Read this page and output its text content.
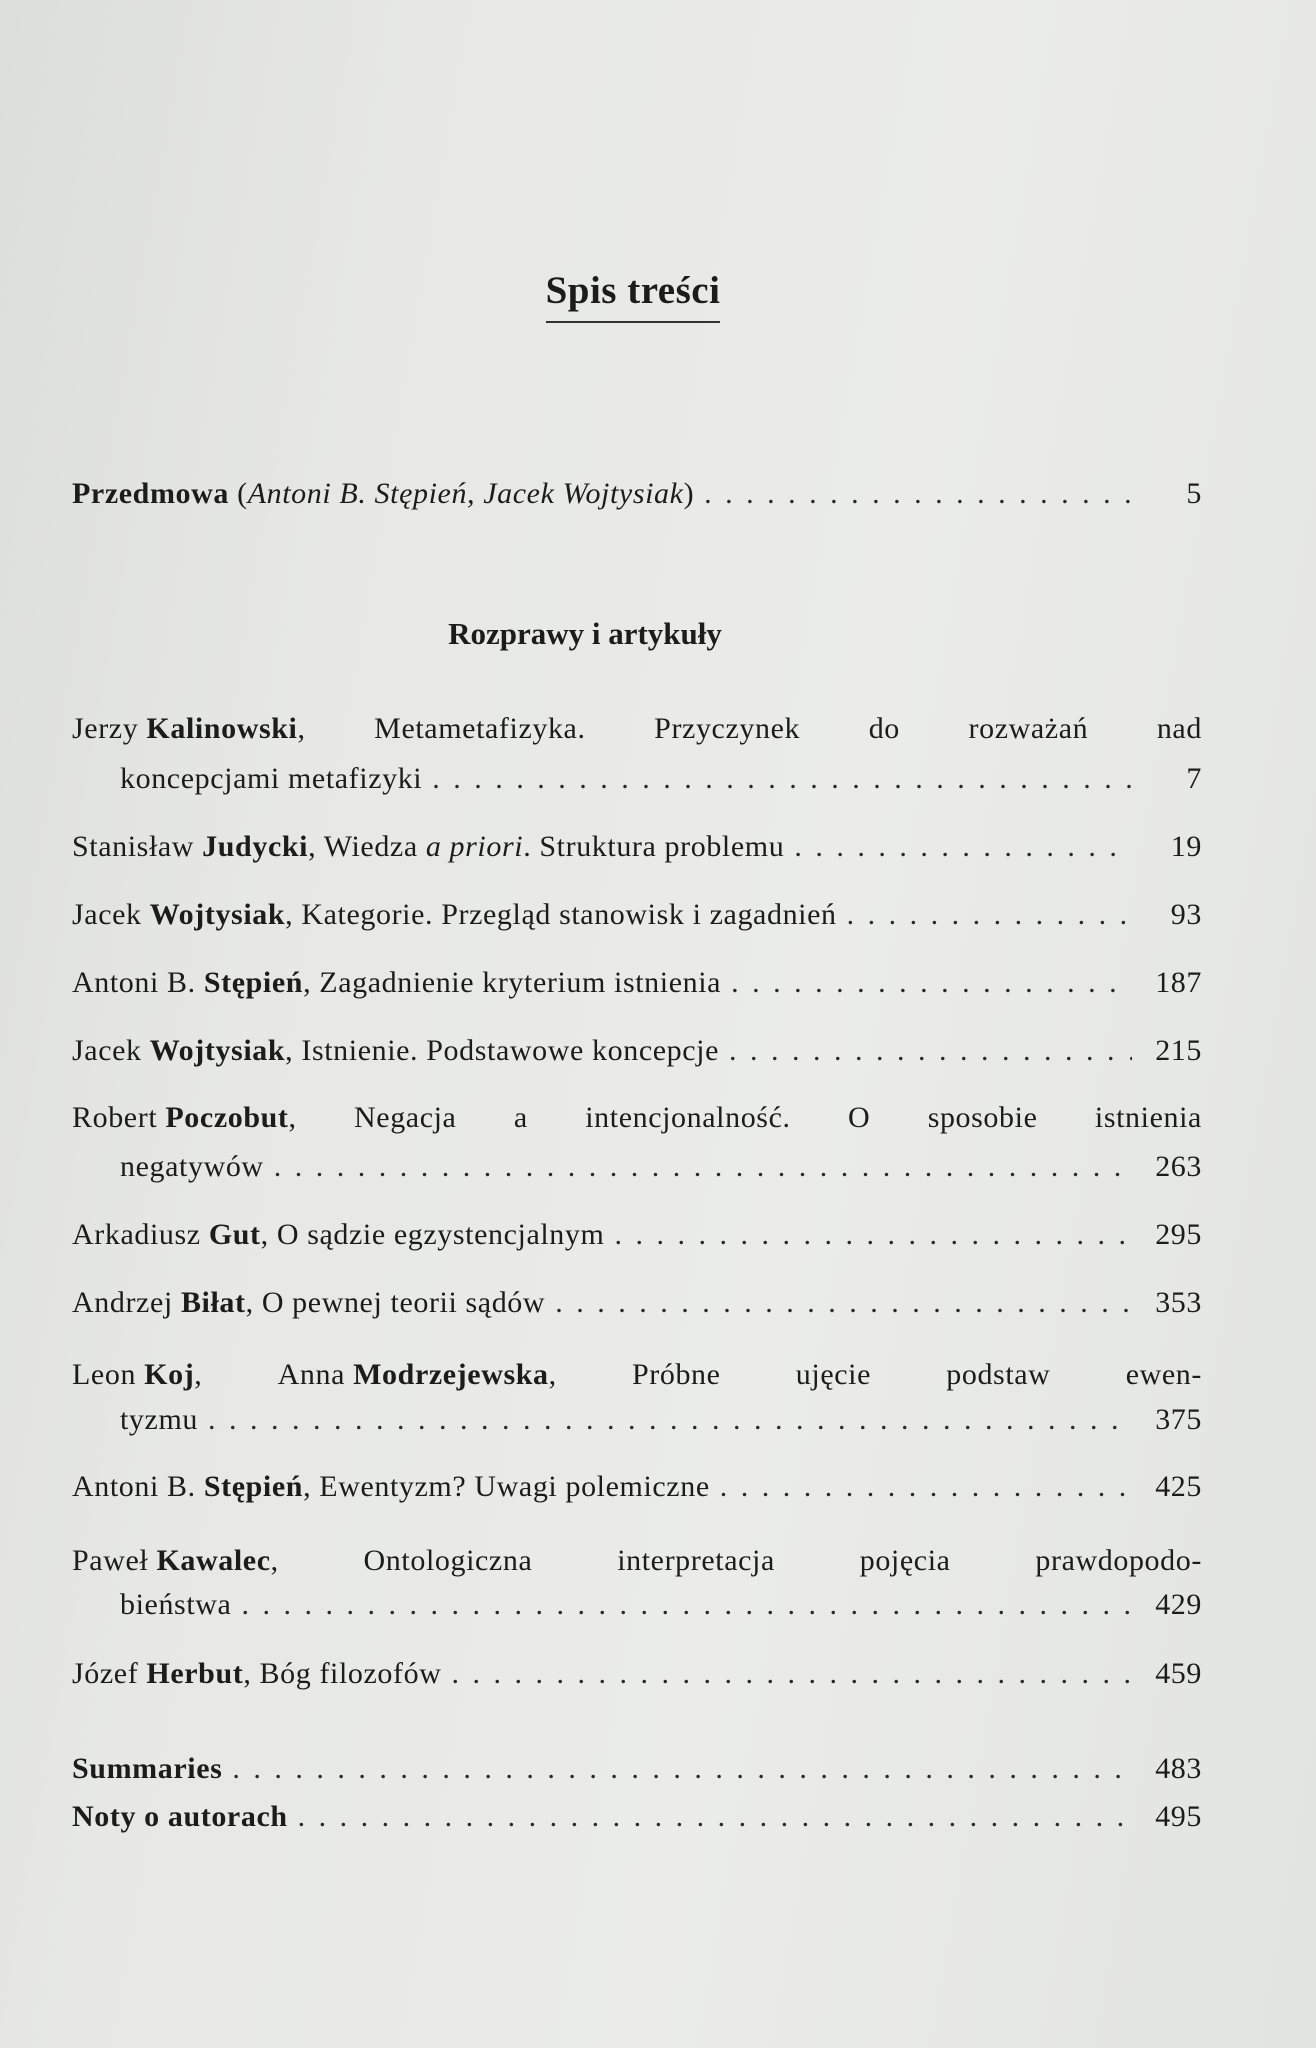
Spis treści
Przedmowa (Antoni B. Stępień, Jacek Wojtysiak) . . .	5
Rozprawy i artykuły
Jerzy Kalinowski, Metametafizyka. Przyczynek do rozważań nad
koncepcjami metafizyki . . .	7
Stanisław Judycki, Wiedza a priori. Struktura problemu . . .	19
Jacek Wojtysiak, Kategorie. Przegląd stanowisk i zagadnień . . .	93
Antoni B. Stępień, Zagadnienie kryterium istnienia . . .	187
Jacek Wojtysiak, Istnienie. Podstawowe koncepcje . . .	215
Robert Poczobut, Negacja a intencjonalność. O sposobie istnienia
negatywów . . .	263
Arkadiusz Gut, O sądzie egzystencjalnym . . .	295
Andrzej Biłat, O pewnej teorii sądów . . .	353
Leon Koj,	Anna Modrzejewska,	Próbne	ujęcie	podstaw	ewen-
tyzmu . . .	375
Antoni B. Stępień, Ewentyzm? Uwagi polemiczne . . .	425
Paweł Kawalec,	Ontologiczna	interpretacja	pojęcia	prawdopodo-
bieństwa . . .	429
Józef Herbut, Bóg filozofów . . .	459
Summaries . . .	483
Noty o autorach . . .	495
